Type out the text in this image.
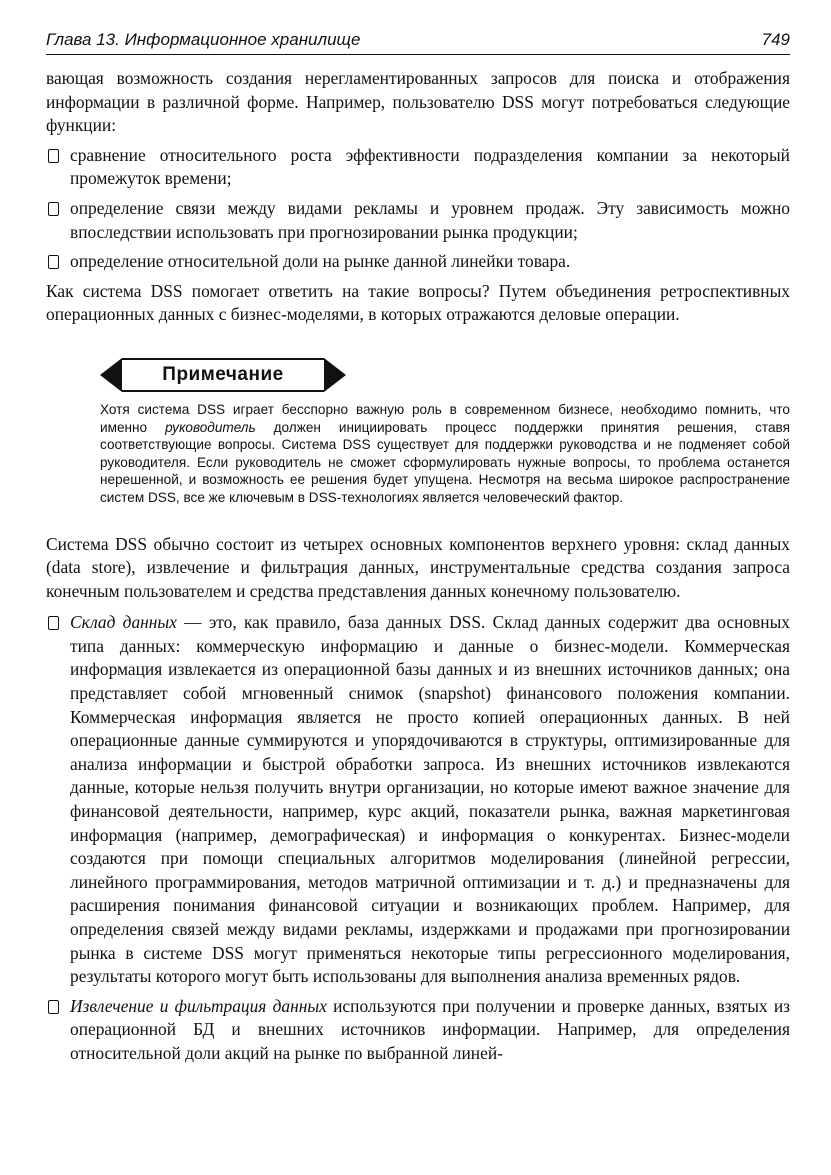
Глава 13. Информационное хранилище	749

вающая возможность создания нерегламентированных запросов для поиска и отображения информации в различной форме. Например, пользователю DSS могут потребоваться следующие функции:

сравнение относительного роста эффективности подразделения компании за некоторый промежуток времени;
определение связи между видами рекламы и уровнем продаж. Эту зависимость можно впоследствии использовать при прогнозировании рынка продукции;
определение относительной доли на рынке данной линейки товара.

Как система DSS помогает ответить на такие вопросы? Путем объединения ретроспективных операционных данных с бизнес-моделями, в которых отражаются деловые операции.

Примечание

Хотя система DSS играет бесспорно важную роль в современном бизнесе, необходимо помнить, что именно руководитель должен инициировать процесс поддержки принятия решения, ставя соответствующие вопросы. Система DSS существует для поддержки руководства и не подменяет собой руководителя. Если руководитель не сможет сформулировать нужные вопросы, то проблема останется нерешенной, и возможность ее решения будет упущена. Несмотря на весьма широкое распространение систем DSS, все же ключевым в DSS-технологиях является человеческий фактор.

Система DSS обычно состоит из четырех основных компонентов верхнего уровня: склад данных (data store), извлечение и фильтрация данных, инструментальные средства создания запроса конечным пользователем и средства представления данных конечному пользователю.

Склад данных — это, как правило, база данных DSS. Склад данных содержит два основных типа данных: коммерческую информацию и данные о бизнес-модели. Коммерческая информация извлекается из операционной базы данных и из внешних источников данных; она представляет собой мгновенный снимок (snapshot) финансового положения компании. Коммерческая информация является не просто копией операционных данных. В ней операционные данные суммируются и упорядочиваются в структуры, оптимизированные для анализа информации и быстрой обработки запроса. Из внешних источников извлекаются данные, которые нельзя получить внутри организации, но которые имеют важное значение для финансовой деятельности, например, курс акций, показатели рынка, важная маркетинговая информация (например, демографическая) и информация о конкурентах. Бизнес-модели создаются при помощи специальных алгоритмов моделирования (линейной регрессии, линейного программирования, методов матричной оптимизации и т. д.) и предназначены для расширения понимания финансовой ситуации и возникающих проблем. Например, для определения связей между видами рекламы, издержками и продажами при прогнозировании рынка в системе DSS могут применяться некоторые типы регрессионного моделирования, результаты которого могут быть использованы для выполнения анализа временных рядов.
Извлечение и фильтрация данных используются при получении и проверке данных, взятых из операционной БД и внешних источников информации. Например, для определения относительной доли акций на рынке по выбранной линей-
